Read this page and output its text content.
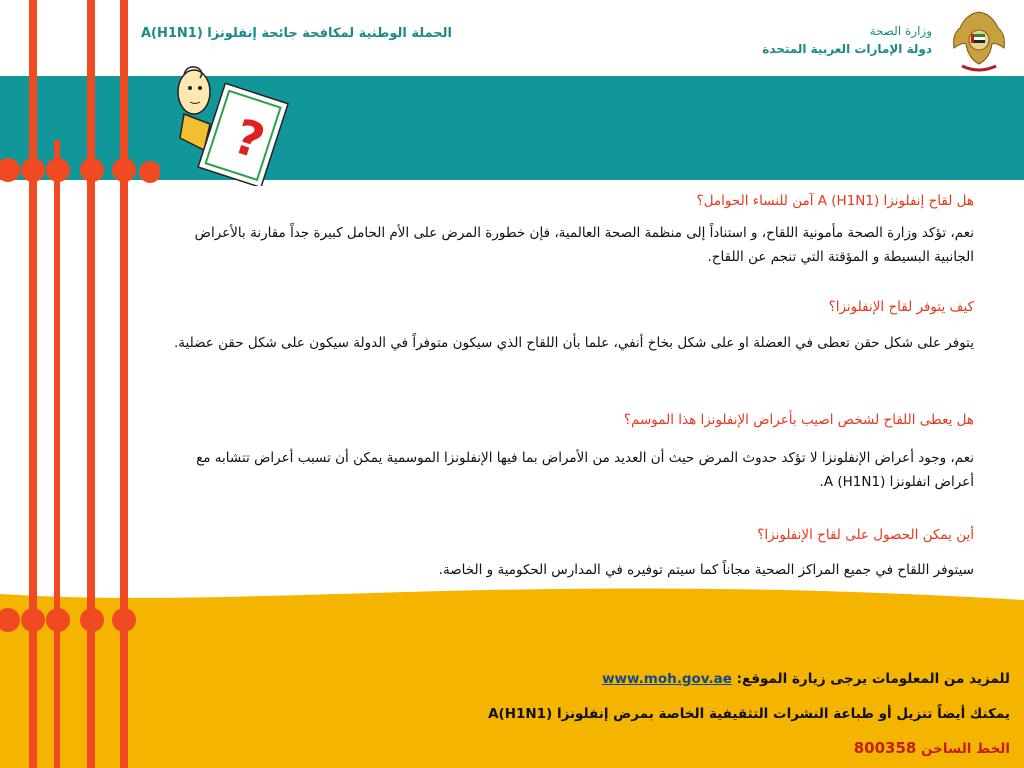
?
الحملة الوطنية لمكافحة جائحة إنفلونزا (A(H1N1	وزارة الصحة
دولة الإمارات العربية المتحدة
هل لقاح إنفلونزا (A (H1N1 آمن للنساء الحوامل؟
نعم، تؤكد وزارة الصحة مأمونية اللقاح، و استناداً إلى منظمة الصحة العالمية، فإن خطورة المرض على الأم الحامل كبيرة جداً مقارنة بالأعراض الجانبية البسيطة و المؤقتة التي تنجم عن اللقاح.
كيف يتوفر لقاح الإنفلونزا؟
يتوفر على شكل حقن تعطى في العضلة او على شكل بخاخ أنفي، علما بأن اللقاح الذي سيكون متوفراً في الدولة سيكون على شكل حقن عضلية.
هل يعطى اللقاح لشخص اصيب بأعراض الإنفلونزا هذا الموسم؟
نعم، وجود أعراض الإنفلونزا لا تؤكد حدوث المرض حيث أن العديد من الأمراض بما فيها الإنفلونزا الموسمية يمكن أن تسبب أعراض تتشابه مع أعراض انفلونزا (A (H1N1.
أين يمكن الحصول على لقاح الإنفلونزا؟
سيتوفر اللقاح في جميع المراكز الصحية مجاناً كما سيتم توفيره في المدارس الحكومية و الخاصة.
للمزيد من المعلومات يرجى زيارة الموقع: www.moh.gov.ae
يمكنك أيضاً تنزيل أو طباعة النشرات التثقيفية الخاصة بمرض إنفلونزا (A(H1N1
الخط الساخن 800358
